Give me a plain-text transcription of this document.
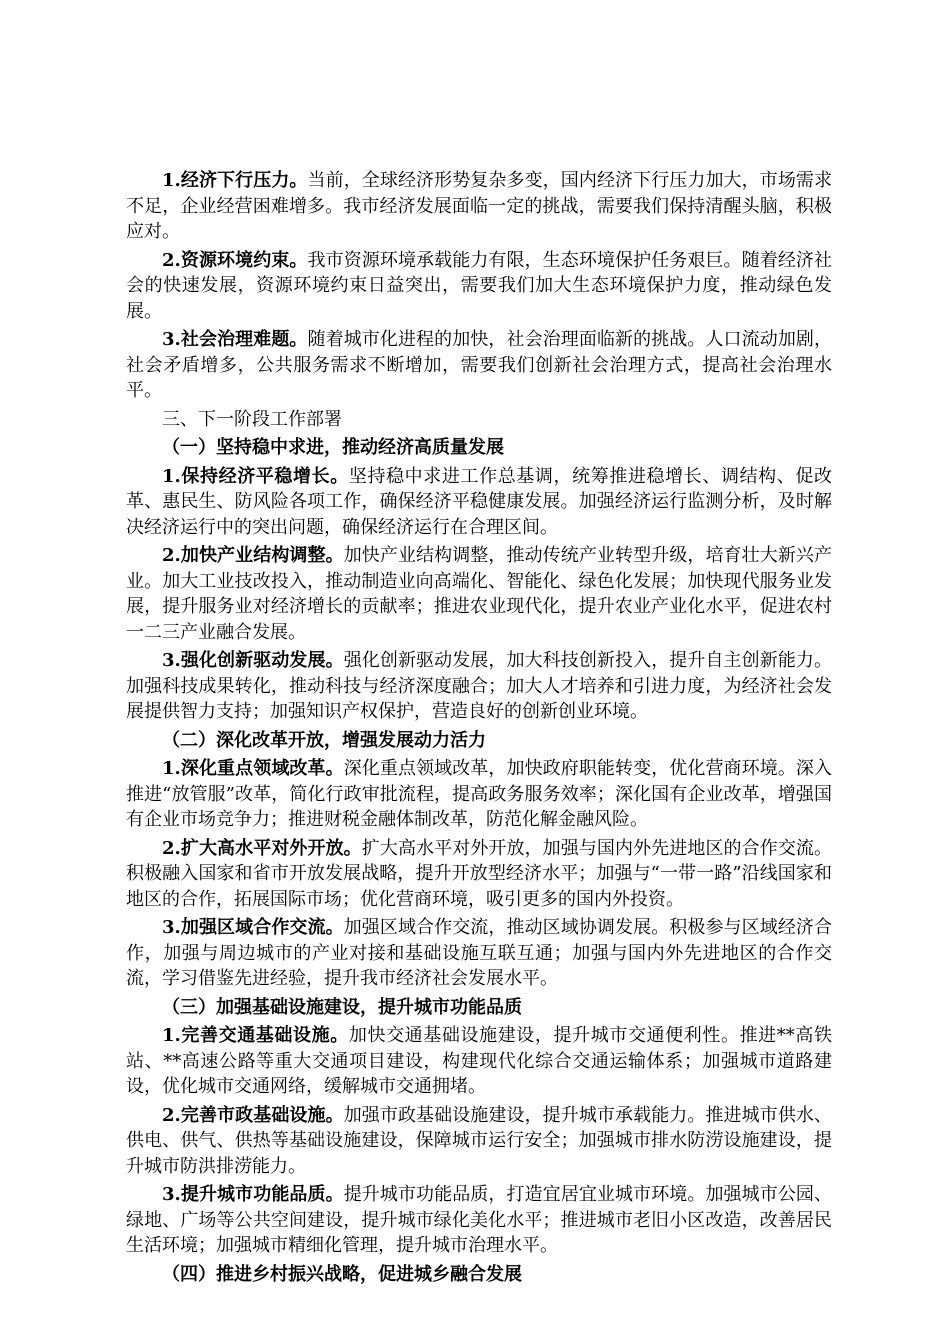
1.经济下行压力。当前，全球经济形势复杂多变，国内经济下行压力加大，市场需求不足，企业经营困难增多。我市经济发展面临一定的挑战，需要我们保持清醒头脑，积极应对。

2.资源环境约束。我市资源环境承载能力有限，生态环境保护任务艰巨。随着经济社会的快速发展，资源环境约束日益突出，需要我们加大生态环境保护力度，推动绿色发展。

3.社会治理难题。随着城市化进程的加快，社会治理面临新的挑战。人口流动加剧，社会矛盾增多，公共服务需求不断增加，需要我们创新社会治理方式，提高社会治理水平。

三、下一阶段工作部署

（一）坚持稳中求进，推动经济高质量发展

1.保持经济平稳增长。坚持稳中求进工作总基调，统筹推进稳增长、调结构、促改革、惠民生、防风险各项工作，确保经济平稳健康发展。加强经济运行监测分析，及时解决经济运行中的突出问题，确保经济运行在合理区间。

2.加快产业结构调整。加快产业结构调整，推动传统产业转型升级，培育壮大新兴产业。加大工业技改投入，推动制造业向高端化、智能化、绿色化发展；加快现代服务业发展，提升服务业对经济增长的贡献率；推进农业现代化，提升农业产业化水平，促进农村一二三产业融合发展。

3.强化创新驱动发展。强化创新驱动发展，加大科技创新投入，提升自主创新能力。加强科技成果转化，推动科技与经济深度融合；加大人才培养和引进力度，为经济社会发展提供智力支持；加强知识产权保护，营造良好的创新创业环境。

（二）深化改革开放，增强发展动力活力

1.深化重点领域改革。深化重点领域改革，加快政府职能转变，优化营商环境。深入推进“放管服”改革，简化行政审批流程，提高政务服务效率；深化国有企业改革，增强国有企业市场竞争力；推进财税金融体制改革，防范化解金融风险。

2.扩大高水平对外开放。扩大高水平对外开放，加强与国内外先进地区的合作交流。积极融入国家和省市开放发展战略，提升开放型经济水平；加强与“一带一路”沿线国家和地区的合作，拓展国际市场；优化营商环境，吸引更多的国内外投资。

3.加强区域合作交流。加强区域合作交流，推动区域协调发展。积极参与区域经济合作，加强与周边城市的产业对接和基础设施互联互通；加强与国内外先进地区的合作交流，学习借鉴先进经验，提升我市经济社会发展水平。

（三）加强基础设施建设，提升城市功能品质

1.完善交通基础设施。加快交通基础设施建设，提升城市交通便利性。推进**高铁站、**高速公路等重大交通项目建设，构建现代化综合交通运输体系；加强城市道路建设，优化城市交通网络，缓解城市交通拥堵。

2.完善市政基础设施。加强市政基础设施建设，提升城市承载能力。推进城市供水、供电、供气、供热等基础设施建设，保障城市运行安全；加强城市排水防涝设施建设，提升城市防洪排涝能力。

3.提升城市功能品质。提升城市功能品质，打造宜居宜业城市环境。加强城市公园、绿地、广场等公共空间建设，提升城市绿化美化水平；推进城市老旧小区改造，改善居民生活环境；加强城市精细化管理，提升城市治理水平。

（四）推进乡村振兴战略，促进城乡融合发展
